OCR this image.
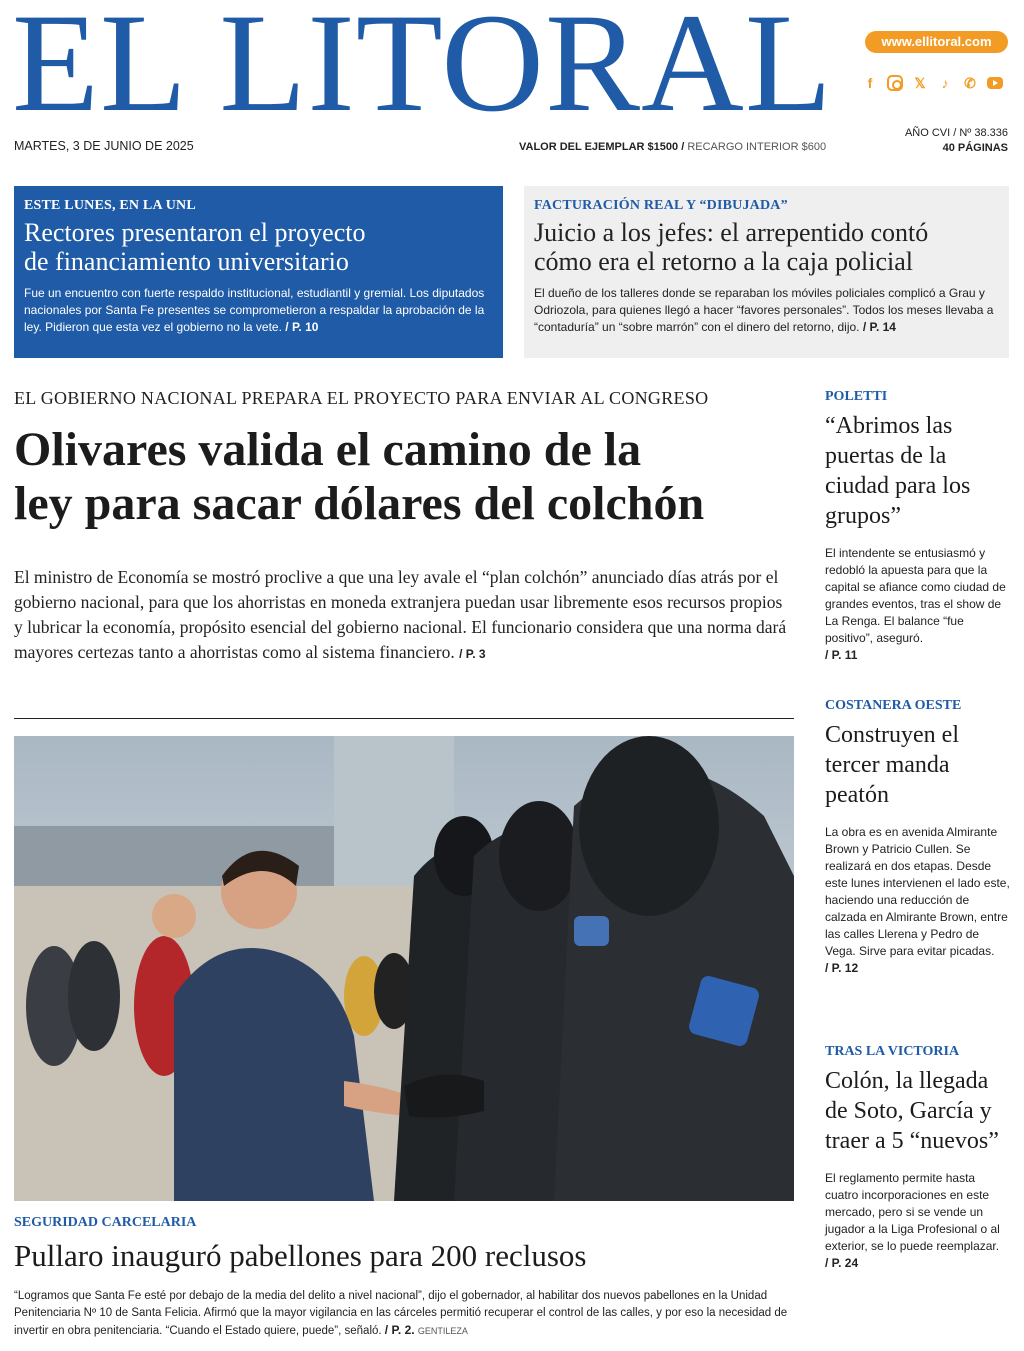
EL LITORAL	www.ellitoral.com
f	𝕏	♪	✆
MARTES, 3 DE JUNIO DE 2025	VALOR DEL EJEMPLAR $1500 / RECARGO INTERIOR $600
AÑO CVI / Nº 38.336
40 PÁGINAS
ESTE LUNES, EN LA UNL
Rectores presentaron el proyecto
de financiamiento universitario
Fue un encuentro con fuerte respaldo institucional, estudiantil y gremial. Los diputados nacionales por Santa Fe presentes se comprometieron a respaldar la aprobación de la ley. Pidieron que esta vez el gobierno no la vete. / P. 10
FACTURACIÓN REAL Y “DIBUJADA”
Juicio a los jefes: el arrepentido contó
cómo era el retorno a la caja policial
El dueño de los talleres donde se reparaban los móviles policiales complicó a Grau y Odriozola, para quienes llegó a hacer “favores personales”. Todos los meses llevaba a “contaduría” un “sobre marrón” con el dinero del retorno, dijo. / P. 14
EL GOBIERNO NACIONAL PREPARA EL PROYECTO PARA ENVIAR AL CONGRESO
Olivares valida el camino de la
ley para sacar dólares del colchón
El ministro de Economía se mostró proclive a que una ley avale el “plan colchón” anunciado días atrás por el gobierno nacional, para que los ahorristas en moneda extranjera puedan usar libremente esos recursos propios y lubricar la economía, propósito esencial del gobierno nacional. El funcionario considera que una norma dará mayores certezas tanto a ahorristas como al sistema financiero. / P. 3
SEGURIDAD CARCELARIA
Pullaro inauguró pabellones para 200 reclusos
“Logramos que Santa Fe esté por debajo de la media del delito a nivel nacional”, dijo el gobernador, al habilitar dos nuevos pabellones en la Unidad Penitenciaria Nº 10 de Santa Felicia. Afirmó que la mayor vigilancia en las cárceles permitió recuperar el control de las calles, y por eso la necesidad de invertir en obra penitenciaria. “Cuando el Estado quiere, puede”, señaló. / P. 2. GENTILEZA
POLETTI
“Abrimos las puertas de la ciudad para los grupos”
El intendente se entusiasmó y redobló la apuesta para que la capital se afiance como ciudad de grandes eventos, tras el show de La Renga. El balance “fue positivo”, aseguró.
/ P. 11
COSTANERA OESTE
Construyen el tercer manda peatón
La obra es en avenida Almirante Brown y Patricio Cullen. Se realizará en dos etapas. Desde este lunes intervienen el lado este, haciendo una reducción de calzada en Almirante Brown, entre las calles Llerena y Pedro de Vega. Sirve para evitar picadas.
/ P. 12
TRAS LA VICTORIA
Colón, la llegada de Soto, García y traer a 5 “nuevos”
El reglamento permite hasta cuatro incorporaciones en este mercado, pero si se vende un jugador a la Liga Profesional o al exterior, se lo puede reemplazar.
/ P. 24
